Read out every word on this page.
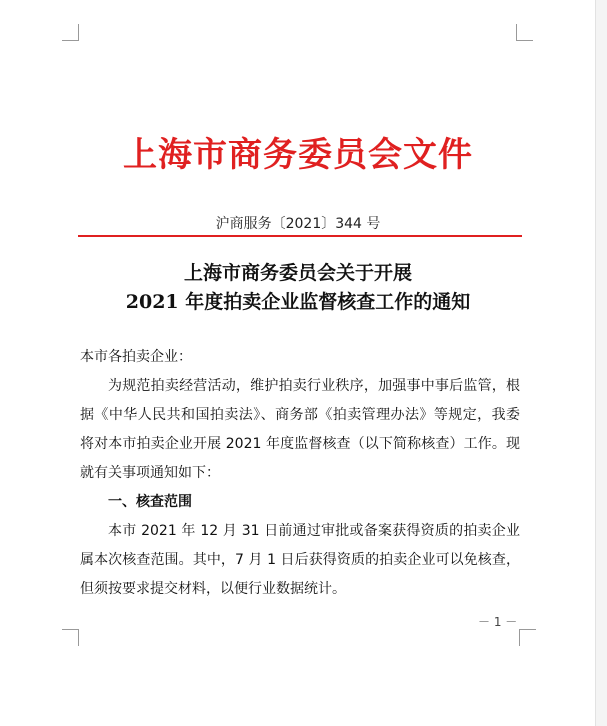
上海市商务委员会文件
沪商服务〔2021〕344 号
上海市商务委员会关于开展
2021 年度拍卖企业监督核查工作的通知

本市各拍卖企业：

为规范拍卖经营活动，维护拍卖行业秩序，加强事中事后监管，根据《中华人民共和国拍卖法》、商务部《拍卖管理办法》等规定，我委将对本市拍卖企业开展 2021 年度监督核查（以下简称核查）工作。现就有关事项通知如下：

一、核查范围

本市 2021 年 12 月 31 日前通过审批或备案获得资质的拍卖企业属本次核查范围。其中，7 月 1 日后获得资质的拍卖企业可以免核查，但须按要求提交材料，以便行业数据统计。

－ 1 －
